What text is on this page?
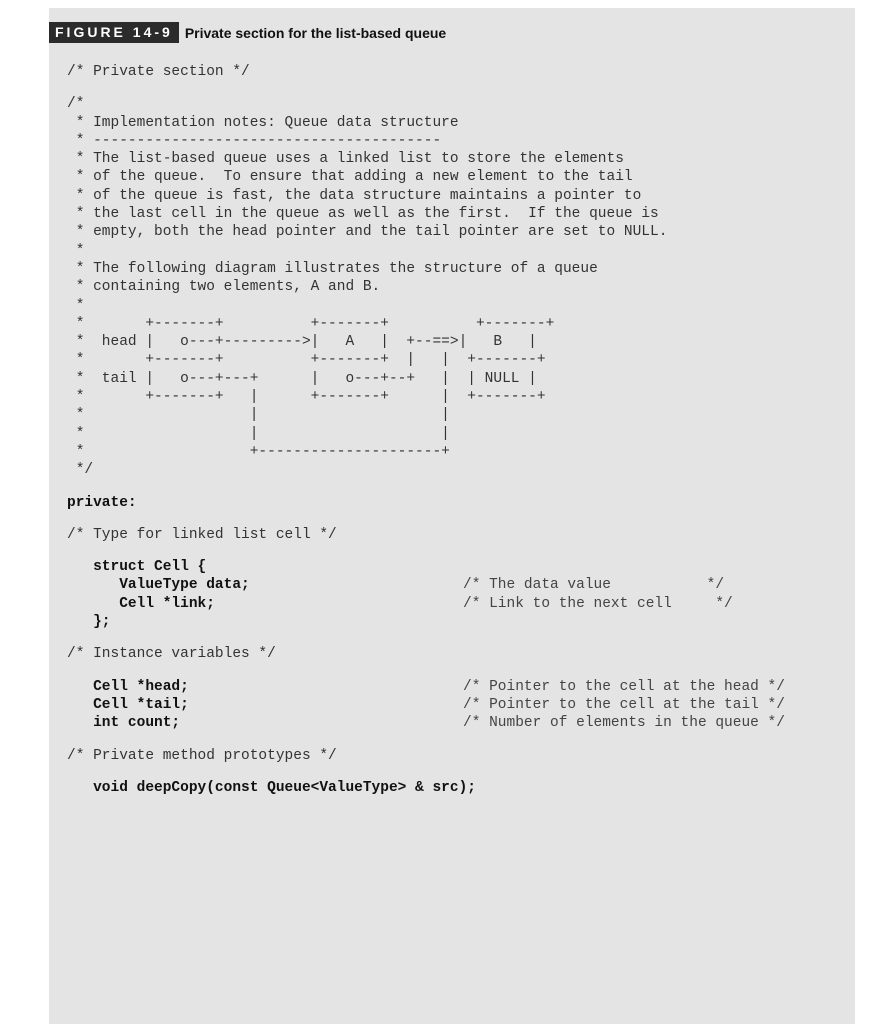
FIGURE 14-9 Private section for the list-based queue
/* Private section */
/*
* Implementation notes: Queue data structure
* ----------------------------------------
* The list-based queue uses a linked list to store the elements
* of the queue.  To ensure that adding a new element to the tail
* of the queue is fast, the data structure maintains a pointer to
* the last cell in the queue as well as the first.  If the queue is
* empty, both the head pointer and the tail pointer are set to NULL.
*
* The following diagram illustrates the structure of a queue
* containing two elements, A and B.
*
*       +-------+          +-------+          +-------+
*  head |   o---+--------->|   A   |  +--==>|   B   |
*       +-------+          +-------+  |   |  +-------+
*  tail |   o---+---+      |   o---+--+   |  | NULL |
*       +-------+   |      +-------+      |  +-------+
*                   |                     |
*                   |                     |
*                   +---------------------+
*/
private:
/* Type for linked list cell */
struct Cell {
ValueType data;	/* The data value           */
Cell *link;	/* Link to the next cell     */
};
/* Instance variables */
Cell *head;	/* Pointer to the cell at the head */
Cell *tail;	/* Pointer to the cell at the tail */
int count;	/* Number of elements in the queue */
/* Private method prototypes */
void deepCopy(const Queue<ValueType> & src);
